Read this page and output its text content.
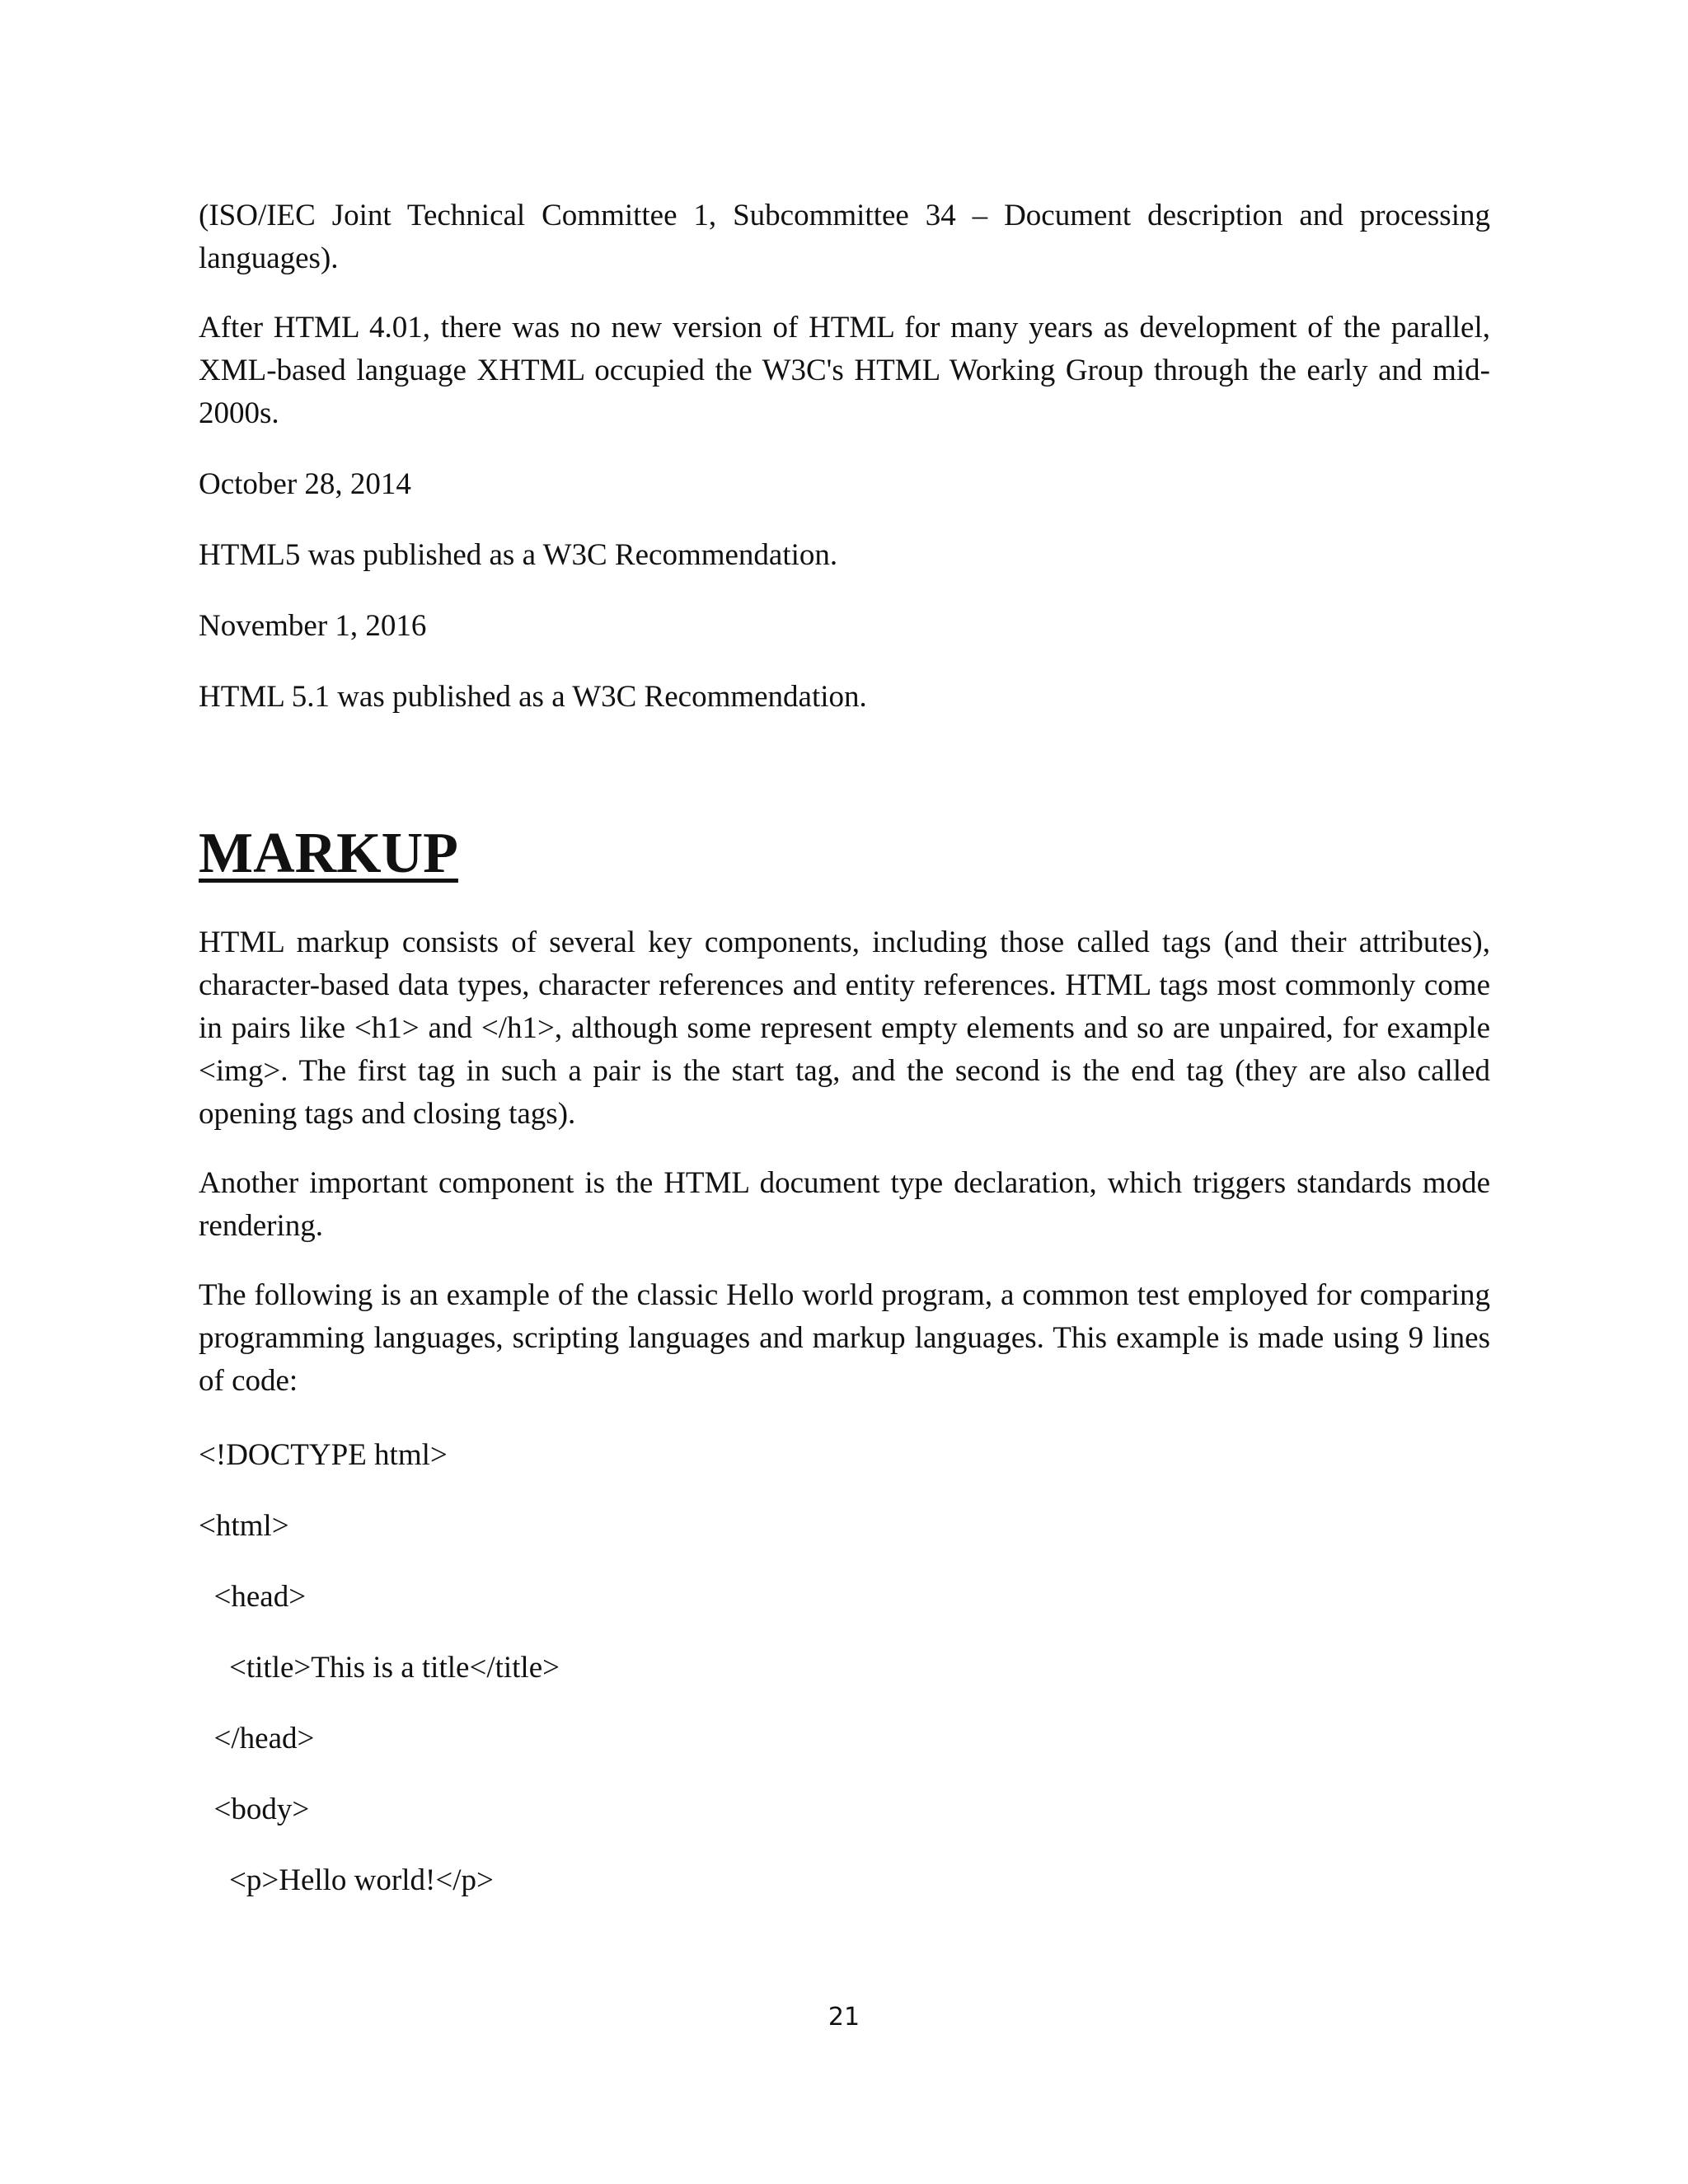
(ISO/IEC Joint Technical Committee 1, Subcommittee 34 – Document description and processing languages).

After HTML 4.01, there was no new version of HTML for many years as development of the parallel, XML-based language XHTML occupied the W3C's HTML Working Group through the early and mid-2000s.

October 28, 2014

HTML5 was published as a W3C Recommendation.

November 1, 2016

HTML 5.1 was published as a W3C Recommendation.

MARKUP

HTML markup consists of several key components, including those called tags (and their attributes), character-based data types, character references and entity references. HTML tags most commonly come in pairs like <h1> and </h1>, although some represent empty elements and so are unpaired, for example <img>. The first tag in such a pair is the start tag, and the second is the end tag (they are also called opening tags and closing tags).

Another important component is the HTML document type declaration, which triggers standards mode rendering.

The following is an example of the classic Hello world program, a common test employed for comparing programming languages, scripting languages and markup languages. This example is made using 9 lines of code:

<!DOCTYPE html>

<html>

<head>

<title>This is a title</title>

</head>

<body>

<p>Hello world!</p>

21
